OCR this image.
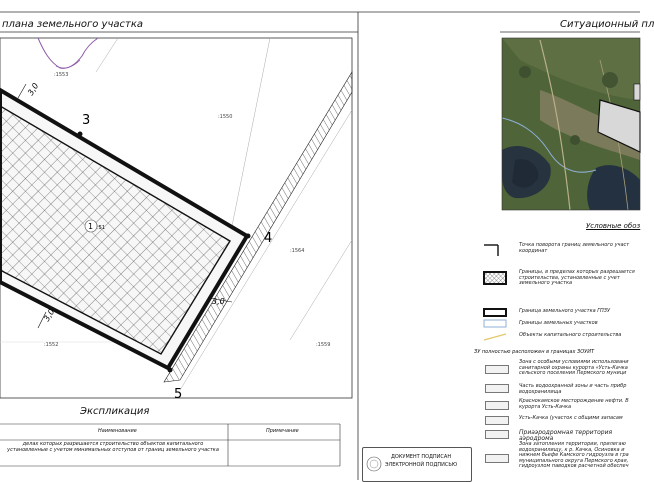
3
4
5
3,0
3,0
3,0
1 :51
:1553
:1550
:1564
:1552	:1559
плана земельного участка	Ситуационный пл
Условные обоз
Точка поворота границ земельного участ координат
Границы, в пределах которых разрешается строительства, установленные с учет земельного участка
Граница земельного участка ГПЗУ
Границы земельных участков
Объекты капитального строительства
ЗУ полностью расположен в границах ЗОУИТ
Зона с особыми условиями использовани санитарной охраны курорта «Усть-Качка сельского поселения Пермского муници
Часть водоохранной зоны и часть прибр водохранилища
Краснокамское месторождение нефти. В курорта Усть-Качка
Усть-Качка (участок с общими запасам
Приаэродромная территория аэродрома
Зона затопления территории, прилегаю водохранилищу, к р. Качка, Осиновка и нижнем бьефе Камского гидроузла в гра муниципального округа Пермского края, гидроузлом паводков расчетной обеспеч
Экспликация
Наименование	Примечание
делах которых разрешается строительство объектов капитального установленные с учетом минимальных отступов от границ земельного участка
ДОКУМЕНТ ПОДПИСАН
ЭЛЕКТРОННОЙ ПОДПИСЬЮ
